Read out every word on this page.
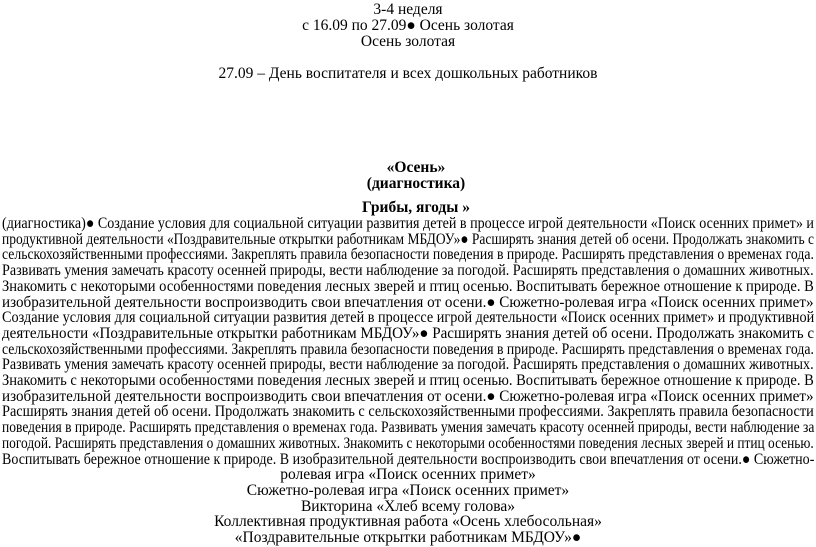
3-4 неделя
с 16.09 по 27.09● Осень золотая
Осень золотая
27.09 – День воспитателя и всех дошкольных работников
«Осень»
(диагностика)
Грибы, ягоды »
(диагностика)● Создание условия для социальной ситуации развития детей в процессе игрой деятельности «Поиск осенних примет» и
продуктивной деятельности «Поздравительные открытки работникам МБДОУ»● Расширять знания детей об осени. Продолжать знакомить с
сельскохозяйственными профессиями. Закреплять правила безопасности поведения в природе. Расширять представления о временах года.
Развивать умения замечать красоту осенней природы, вести наблюдение за погодой. Расширять представления о домашних животных.
Знакомить с некоторыми особенностями поведения лесных зверей и птиц осенью. Воспитывать бережное отношение к природе. В
изобразительной деятельности воспроизводить свои впечатления от осени.● Сюжетно-ролевая игра «Поиск осенних примет»
Создание условия для социальной ситуации развития детей в процессе игрой деятельности «Поиск осенних примет» и продуктивной
деятельности «Поздравительные открытки работникам МБДОУ»● Расширять знания детей об осени. Продолжать знакомить с
сельскохозяйственными профессиями. Закреплять правила безопасности поведения в природе. Расширять представления о временах года.
Развивать умения замечать красоту осенней природы, вести наблюдение за погодой. Расширять представления о домашних животных.
Знакомить с некоторыми особенностями поведения лесных зверей и птиц осенью. Воспитывать бережное отношение к природе. В
изобразительной деятельности воспроизводить свои впечатления от осени.● Сюжетно-ролевая игра «Поиск осенних примет»
Расширять знания детей об осени. Продолжать знакомить с сельскохозяйственными профессиями. Закреплять правила безопасности
поведения в природе. Расширять представления о временах года. Развивать умения замечать красоту осенней природы, вести наблюдение за
погодой. Расширять представления о домашних животных. Знакомить с некоторыми особенностями поведения лесных зверей и птиц осенью.
Воспитывать бережное отношение к природе. В изобразительной деятельности воспроизводить свои впечатления от осени.● Сюжетно-
ролевая игра «Поиск осенних примет»
Сюжетно-ролевая игра «Поиск осенних примет»
Викторина «Хлеб всему голова»
Коллективная продуктивная работа «Осень хлебосольная»
«Поздравительные открытки работникам МБДОУ»●
